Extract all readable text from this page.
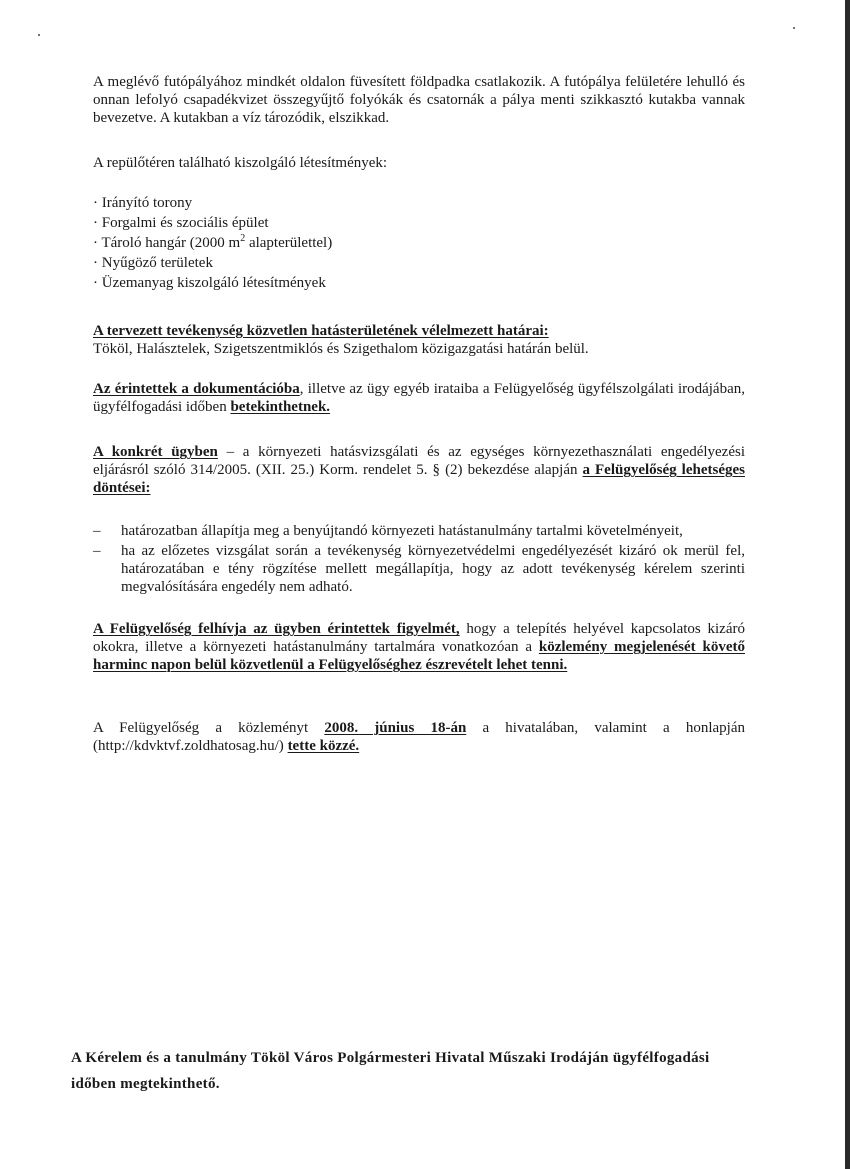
A meglévő futópályához mindkét oldalon füvesített földpadka csatlakozik. A futópálya felületére lehulló és onnan lefolyó csapadékvizet összegyűjtő folyókák és csatornák a pálya menti szikkasztó kutakba vannak bevezetve. A kutakban a víz tározódik, elszikkad.

A repülőtéren található kiszolgáló létesítmények:

· Irányító torony
· Forgalmi és szociális épület
· Tároló hangár (2000 $m^2$ alapterülettel)
· Nyűgöző területek
· Üzemanyag kiszolgáló létesítmények

A tervezett tevékenység közvetlen hatásterületének vélelmezett határai:

Tököl, Halásztelek, Szigetszentmiklós és Szigethalom közigazgatási határán belül.

Az érintettek a dokumentációba, illetve az ügy egyéb irataiba a Felügyelőség ügyfélszolgálati irodájában, ügyfélfogadási időben betekinthetnek.

A konkrét ügyben – a környezeti hatásvizsgálati és az egységes környezethasználati engedélyezési eljárásról szóló 314/2005. (XII. 25.) Korm. rendelet 5. § (2) bekezdése alapján a Felügyelőség lehetséges döntései:

– határozatban állapítja meg a benyújtandó környezeti hatástanulmány tartalmi követelményeit,
– ha az előzetes vizsgálat során a tevékenység környezetvédelmi engedélyezését kizáró ok merül fel, határozatában e tény rögzítése mellett megállapítja, hogy az adott tevékenység kérelem szerinti megvalósítására engedély nem adható.

A Felügyelőség felhívja az ügyben érintettek figyelmét, hogy a telepítés helyével kapcsolatos kizáró okokra, illetve a környezeti hatástanulmány tartalmára vonatkozóan a közlemény megjelenését követő harminc napon belül közvetlenül a Felügyelőséghez észrevételt lehet tenni.

A Felügyelőség a közleményt 2008. június 18-án a hivatalában, valamint a honlapján (http://kdvktvf.zoldhatosag.hu/) tette közzé.

A Kérelem és a tanulmány Tököl Város Polgármesteri Hivatal Műszaki Irodáján ügyfélfogadási időben megtekinthető.
